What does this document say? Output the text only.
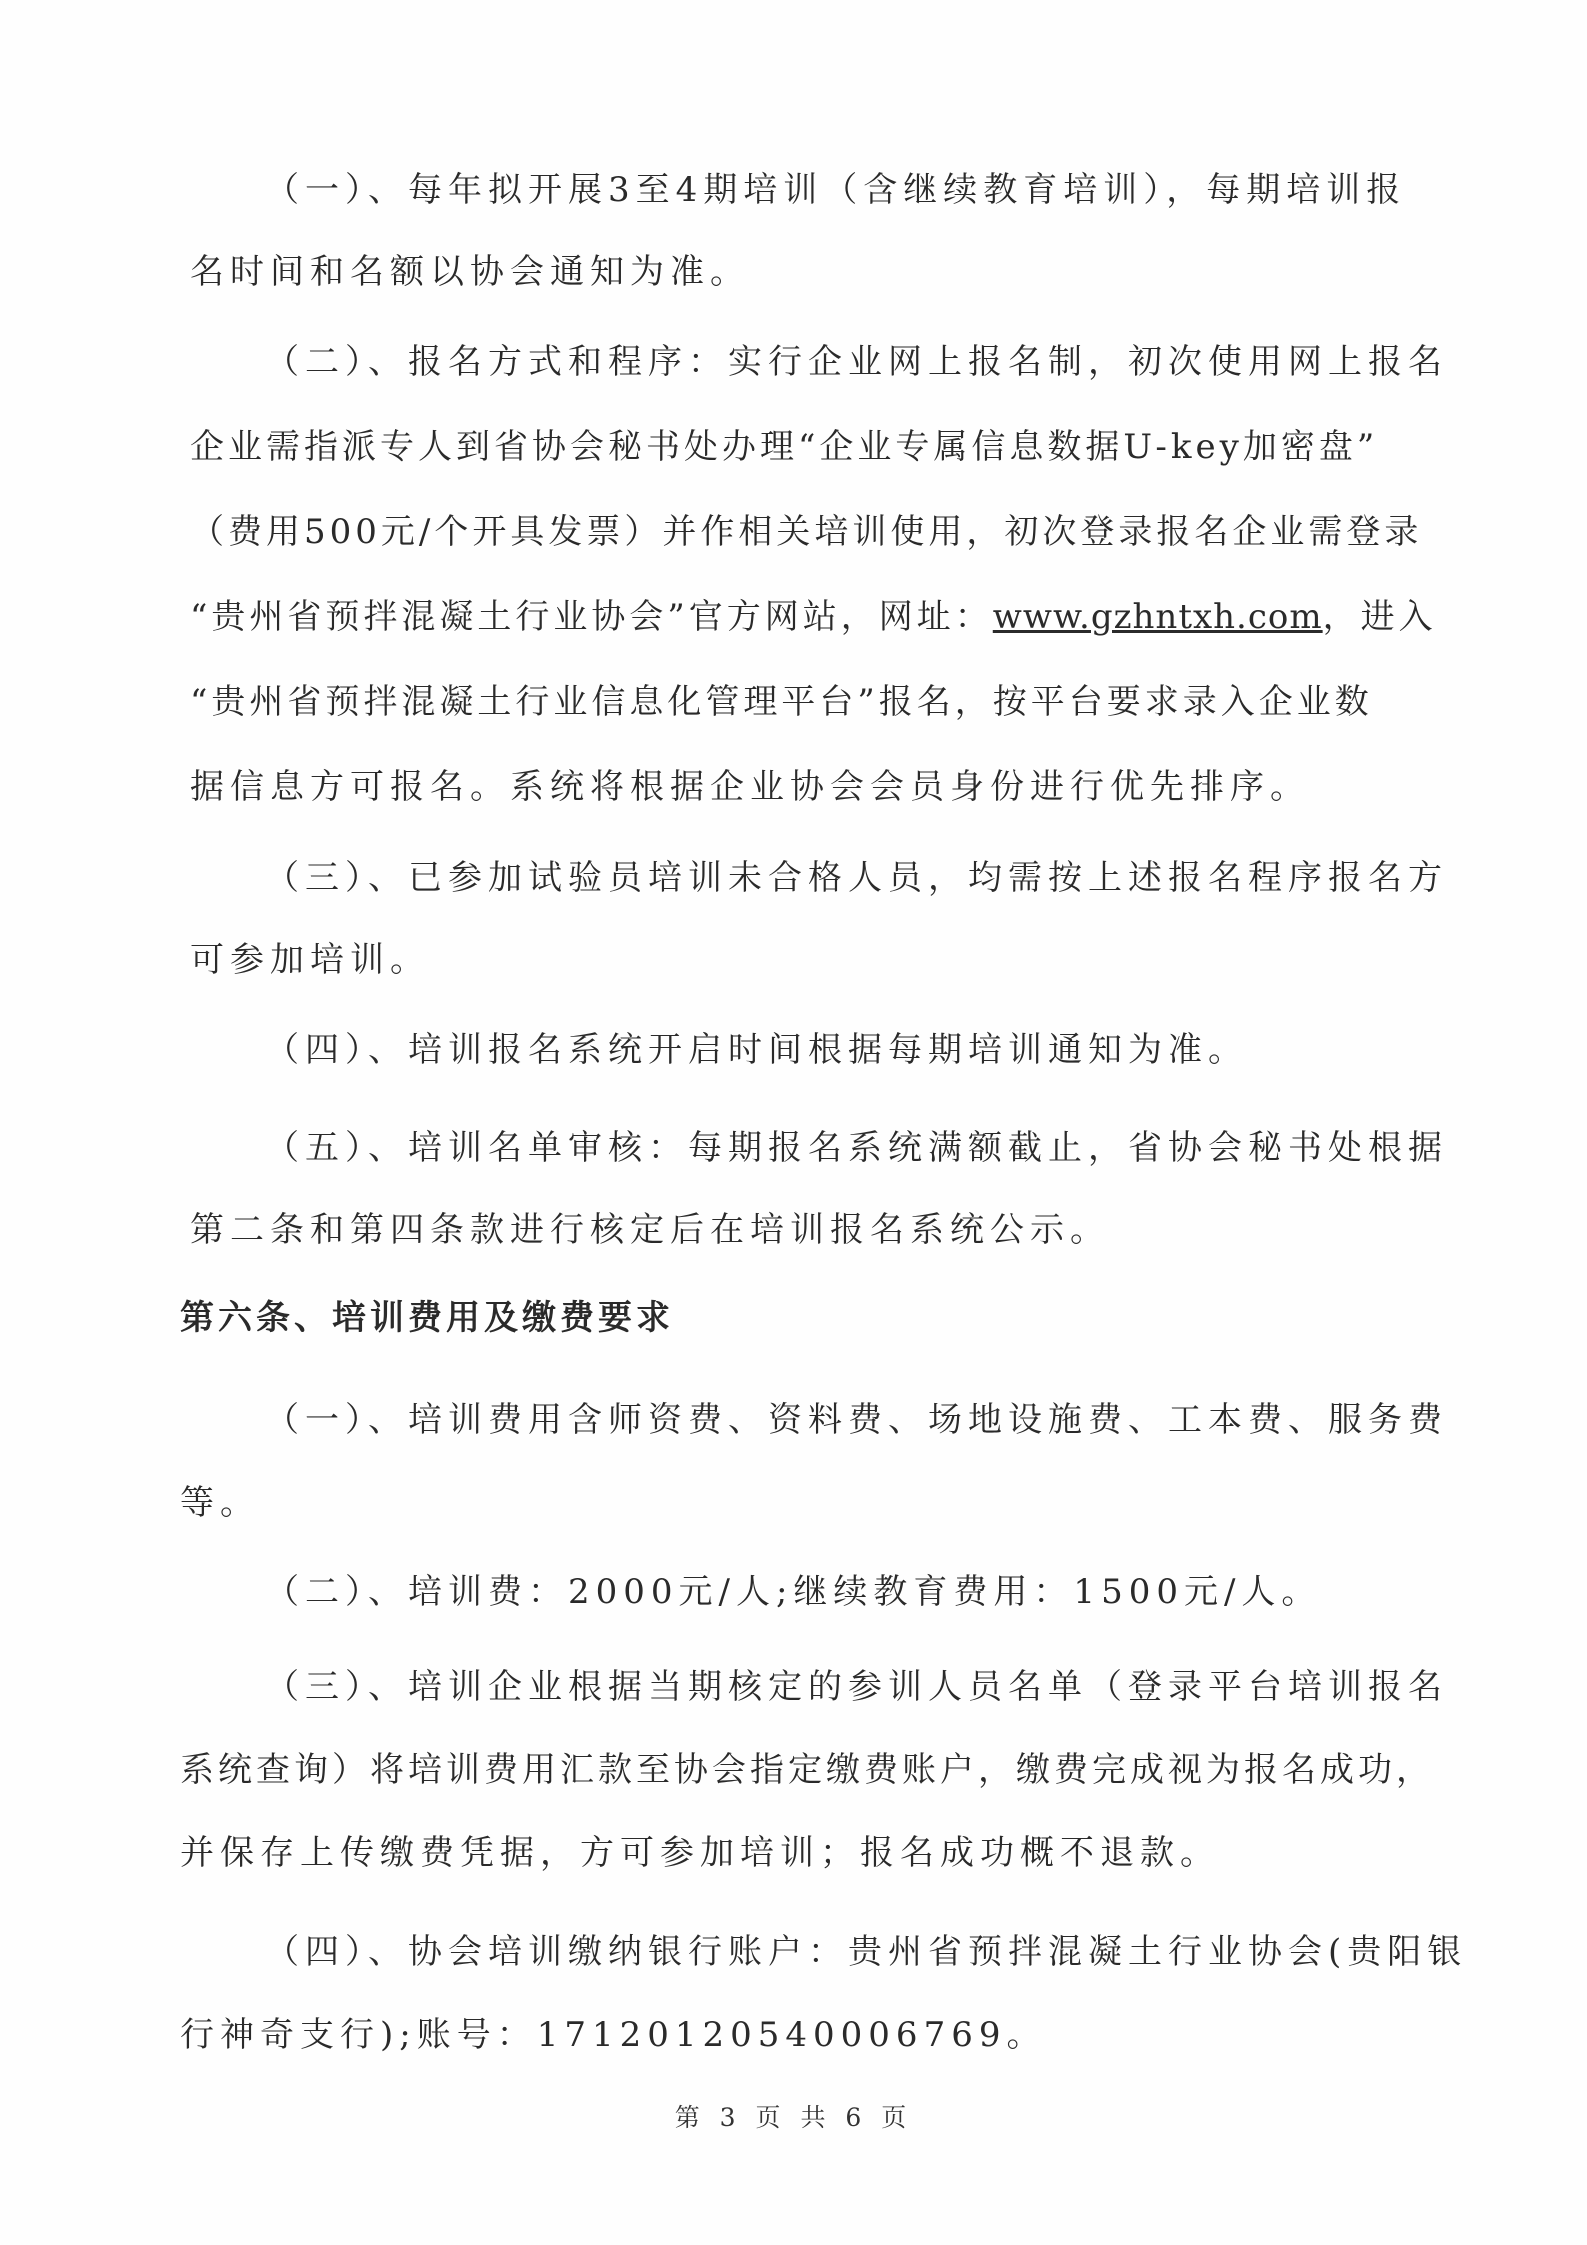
（一）、每年拟开展3至4期培训（含继续教育培训），每期培训报
名时间和名额以协会通知为准。
（二）、报名方式和程序：实行企业网上报名制，初次使用网上报名
企业需指派专人到省协会秘书处办理“企业专属信息数据U-key加密盘”
（费用500元/个开具发票）并作相关培训使用，初次登录报名企业需登录
“贵州省预拌混凝土行业协会”官方网站，网址：www.gzhntxh.com，进入
“贵州省预拌混凝土行业信息化管理平台”报名，按平台要求录入企业数
据信息方可报名。系统将根据企业协会会员身份进行优先排序。
（三）、已参加试验员培训未合格人员，均需按上述报名程序报名方
可参加培训。
（四）、培训报名系统开启时间根据每期培训通知为准。
（五）、培训名单审核：每期报名系统满额截止，省协会秘书处根据
第二条和第四条款进行核定后在培训报名系统公示。
第六条、培训费用及缴费要求
（一）、培训费用含师资费、资料费、场地设施费、工本费、服务费
等。
（二）、培训费：2000元/人;继续教育费用：1500元/人。
（三）、培训企业根据当期核定的参训人员名单（登录平台培训报名
系统查询）将培训费用汇款至协会指定缴费账户，缴费完成视为报名成功，
并保存上传缴费凭据，方可参加培训；报名成功概不退款。
（四）、协会培训缴纳银行账户：贵州省预拌混凝土行业协会(贵阳银
行神奇支行);账号：17120120540006769。
第 3 页 共 6 页
